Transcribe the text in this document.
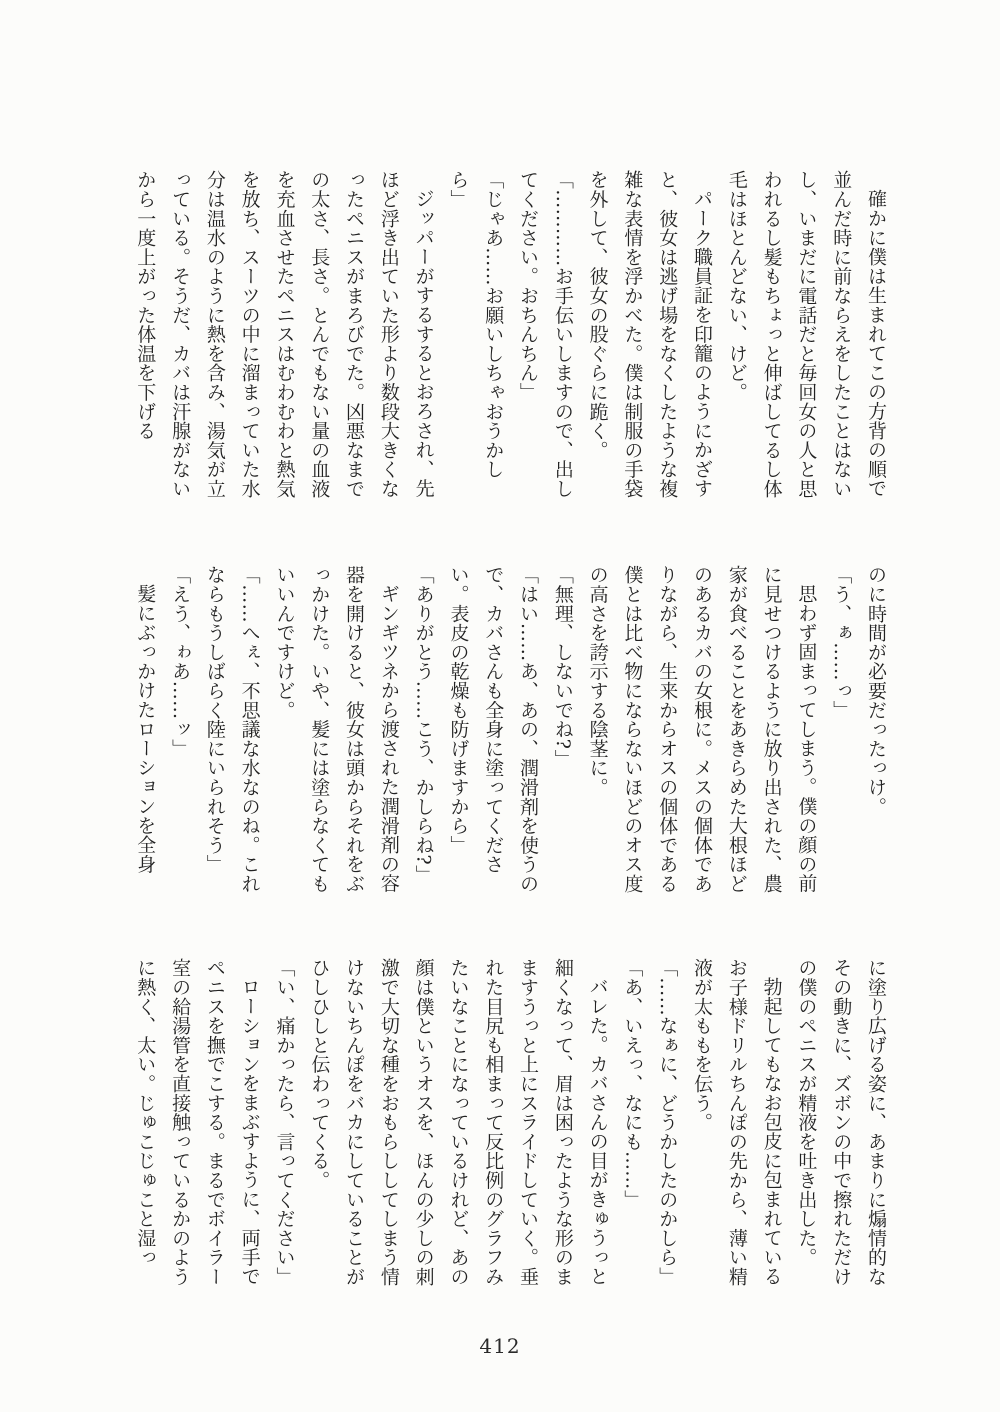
確かに僕は生まれてこの方背の順で並んだ時に前ならえをしたことはないし、いまだに電話だと毎回女の人と思われるし髪もちょっと伸ばしてるし体毛はほとんどない、けど。

パーク職員証を印籠のようにかざすと、彼女は逃げ場をなくしたような複雑な表情を浮かべた。僕は制服の手袋を外して、彼女の股ぐらに跪く。

「…………お手伝いしますので、出してください。おちんちん」

「じゃあ……お願いしちゃおうかしら」

ジッパーがするするとおろされ、先ほど浮き出ていた形より数段大きくなったペニスがまろびでた。凶悪なまでの太さ、長さ。とんでもない量の血液を充血させたペニスはむわむわと熱気を放ち、スーツの中に溜まっていた水分は温水のように熱を含み、湯気が立っている。そうだ、カバは汗腺がないから一度上がった体温を下げる

のに時間が必要だったっけ。

「う、ぁ……っ」

思わず固まってしまう。僕の顔の前に見せつけるように放り出された、農家が食べることをあきらめた大根ほどのあるカバの女根に。メスの個体でありながら、生来からオスの個体である僕とは比べ物にならないほどのオス度の高さを誇示する陰茎に。

「無理、しないでね?」

「はい……あ、あの、潤滑剤を使うので、カバさんも全身に塗ってください。表皮の乾燥も防げますから」

「ありがとう……こう、かしらね?」

ギンギツネから渡された潤滑剤の容器を開けると、彼女は頭からそれをぶっかけた。いや、髪には塗らなくてもいいんですけど。

「……へぇ、不思議な水なのね。これならもうしばらく陸にいられそう」

「えう、ゎあ……ッ」

髪にぶっかけたローションを全身

に塗り広げる姿に、あまりに煽情的なその動きに、ズボンの中で擦れただけの僕のペニスが精液を吐き出した。

勃起してもなお包皮に包まれているお子様ドリルちんぽの先から、薄い精液が太ももを伝う。

「……なぁに、どうかしたのかしら」

「あ、いえっ、なにも……」

バレた。カバさんの目がきゅうっと細くなって、眉は困ったような形のまますうっと上にスライドしていく。垂れた目尻も相まって反比例のグラフみたいなことになっているけれど、あの顔は僕というオスを、ほんの少しの刺激で大切な種をおもらししてしまう情けないちんぽをバカにしていることがひしひしと伝わってくる。

「い、痛かったら、言ってください」

ローションをまぶすように、両手でペニスを撫でこする。まるでボイラー室の給湯管を直接触っているかのように熱く、太い。じゅこじゅこと湿っ

412
